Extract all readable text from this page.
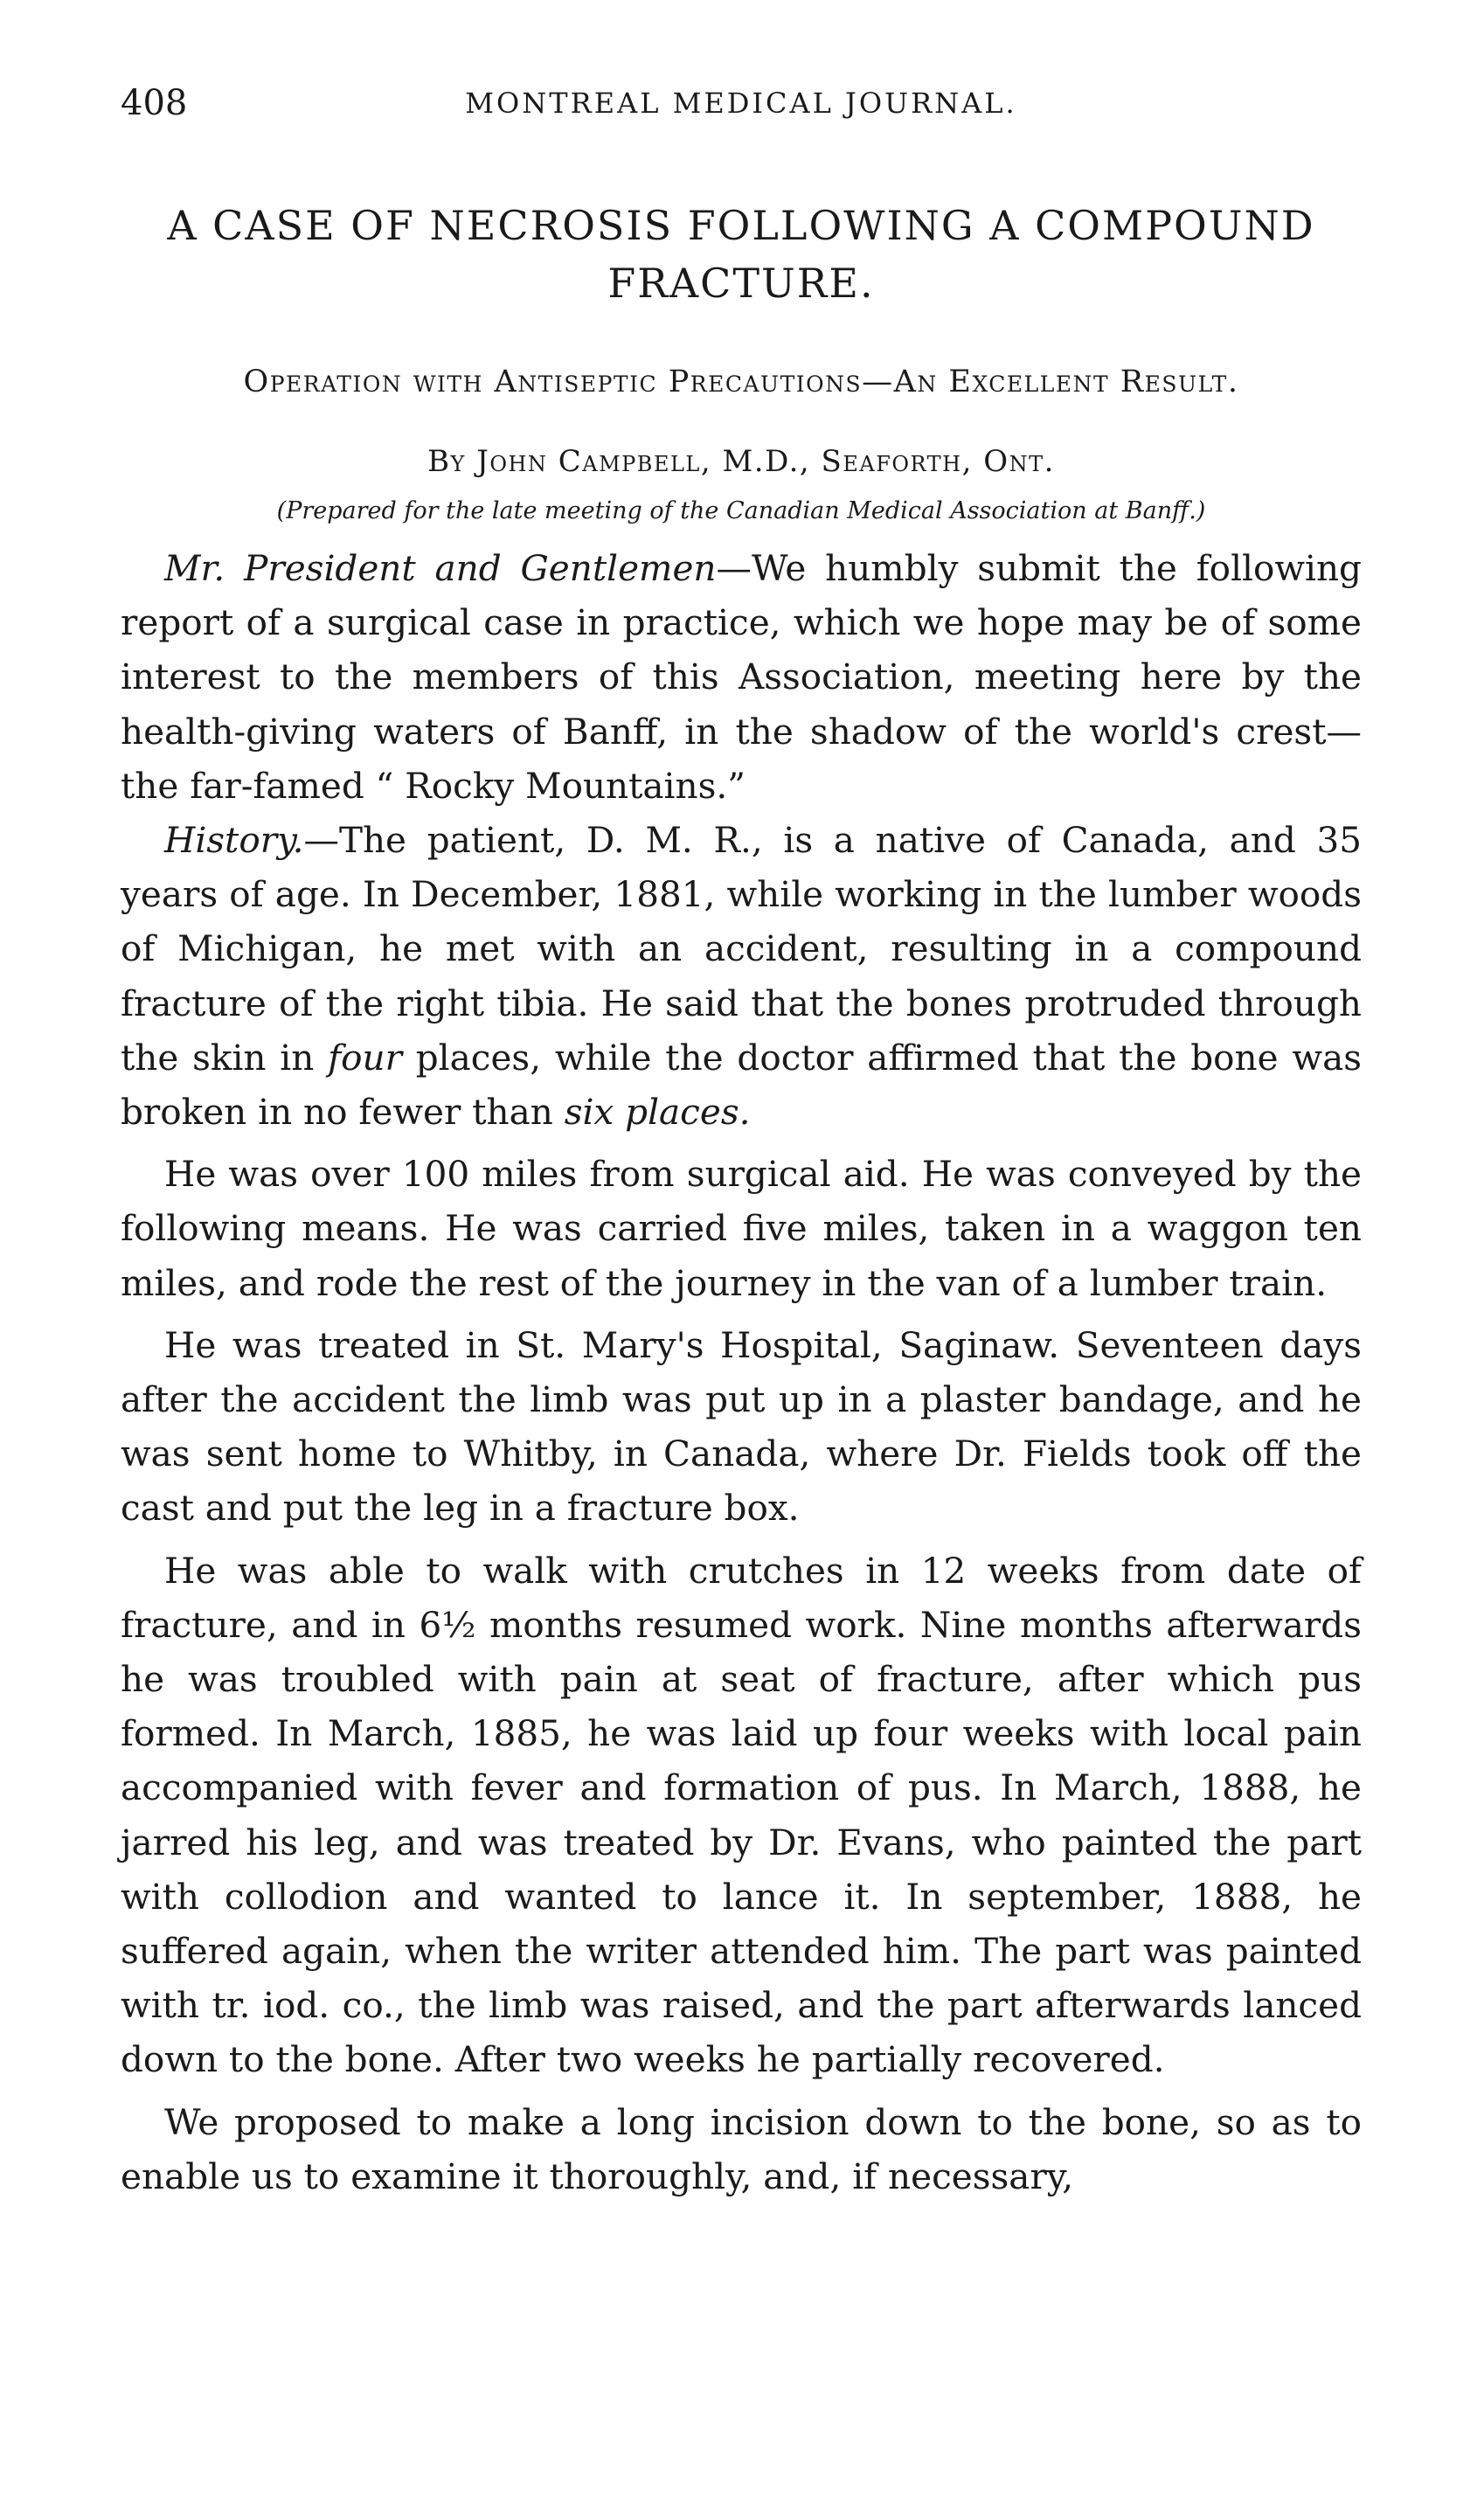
408	MONTREAL MEDICAL JOURNAL.
A CASE OF NECROSIS FOLLOWING A COMPOUND FRACTURE.
Operation with Antiseptic Precautions—An Excellent Result.
By John Campbell, M.D., Seaforth, Ont.
(Prepared for the late meeting of the Canadian Medical Association at Banff.)

Mr. President and Gentlemen—We humbly submit the following report of a surgical case in practice, which we hope may be of some interest to the members of this Association, meeting here by the health-giving waters of Banff, in the shadow of the world's crest—the far-famed “ Rocky Mountains.”

History.—The patient, D. M. R., is a native of Canada, and 35 years of age. In December, 1881, while working in the lumber woods of Michigan, he met with an accident, resulting in a compound fracture of the right tibia. He said that the bones protruded through the skin in four places, while the doctor affirmed that the bone was broken in no fewer than six places.

He was over 100 miles from surgical aid. He was conveyed by the following means. He was carried five miles, taken in a waggon ten miles, and rode the rest of the journey in the van of a lumber train.

He was treated in St. Mary's Hospital, Saginaw. Seventeen days after the accident the limb was put up in a plaster bandage, and he was sent home to Whitby, in Canada, where Dr. Fields took off the cast and put the leg in a fracture box.

He was able to walk with crutches in 12 weeks from date of fracture, and in 6½ months resumed work. Nine months afterwards he was troubled with pain at seat of fracture, after which pus formed. In March, 1885, he was laid up four weeks with local pain accompanied with fever and formation of pus. In March, 1888, he jarred his leg, and was treated by Dr. Evans, who painted the part with collodion and wanted to lance it. In september, 1888, he suffered again, when the writer attended him. The part was painted with tr. iod. co., the limb was raised, and the part afterwards lanced down to the bone. After two weeks he partially recovered.

We proposed to make a long incision down to the bone, so as to enable us to examine it thoroughly, and, if necessary,
